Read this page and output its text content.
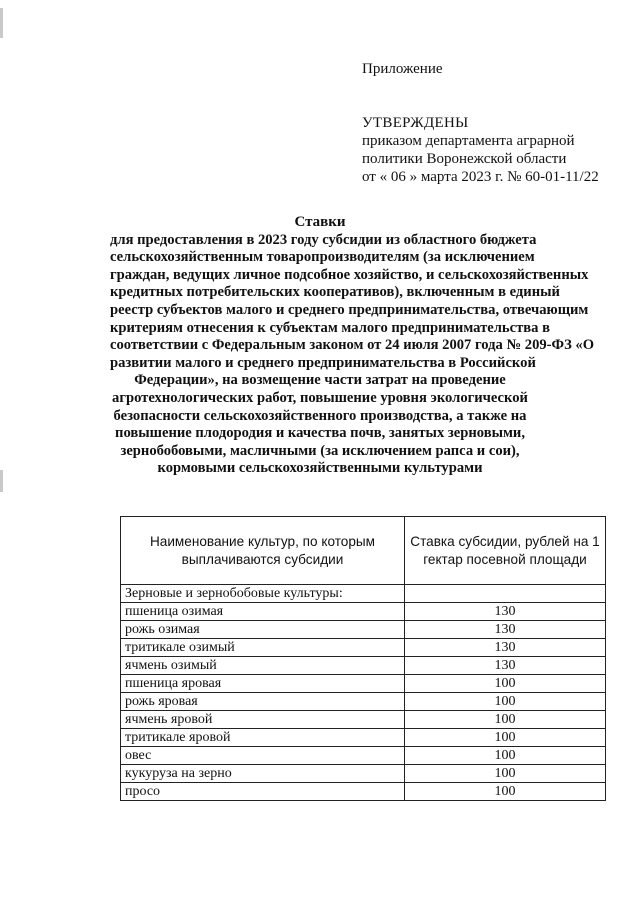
Приложение
УТВЕРЖДЕНЫ
приказом департамента аграрной
политики Воронежской области
от « 06 » марта 2023 г. № 60-01-11/22
Ставки
для предоставления в 2023 году субсидии из областного бюджета
сельскохозяйственным товаропроизводителям (за исключением
граждан, ведущих личное подсобное хозяйство, и сельскохозяйственных
кредитных потребительских кооперативов), включенным в единый
реестр субъектов малого и среднего предпринимательства, отвечающим
критериям отнесения к субъектам малого предпринимательства в
соответствии с Федеральным законом от 24 июля 2007 года № 209-ФЗ «О
развитии малого и среднего предпринимательства в Российской
Федерации», на возмещение части затрат на проведение
агротехнологических работ, повышение уровня экологической
безопасности сельскохозяйственного производства, а также на
повышение плодородия и качества почв, занятых зерновыми,
зернобобовыми, масличными (за исключением рапса и сои),
кормовыми сельскохозяйственными культурами
Наименование культур, по которым выплачиваются субсидии	Ставка субсидии, рублей на 1 гектар посевной площади
Зерновые и зернобобовые культуры:	
пшеница озимая	130
рожь озимая	130
тритикале озимый	130
ячмень озимый	130
пшеница яровая	100
рожь яровая	100
ячмень яровой	100
тритикале яровой	100
овес	100
кукуруза на зерно	100
просо	100
